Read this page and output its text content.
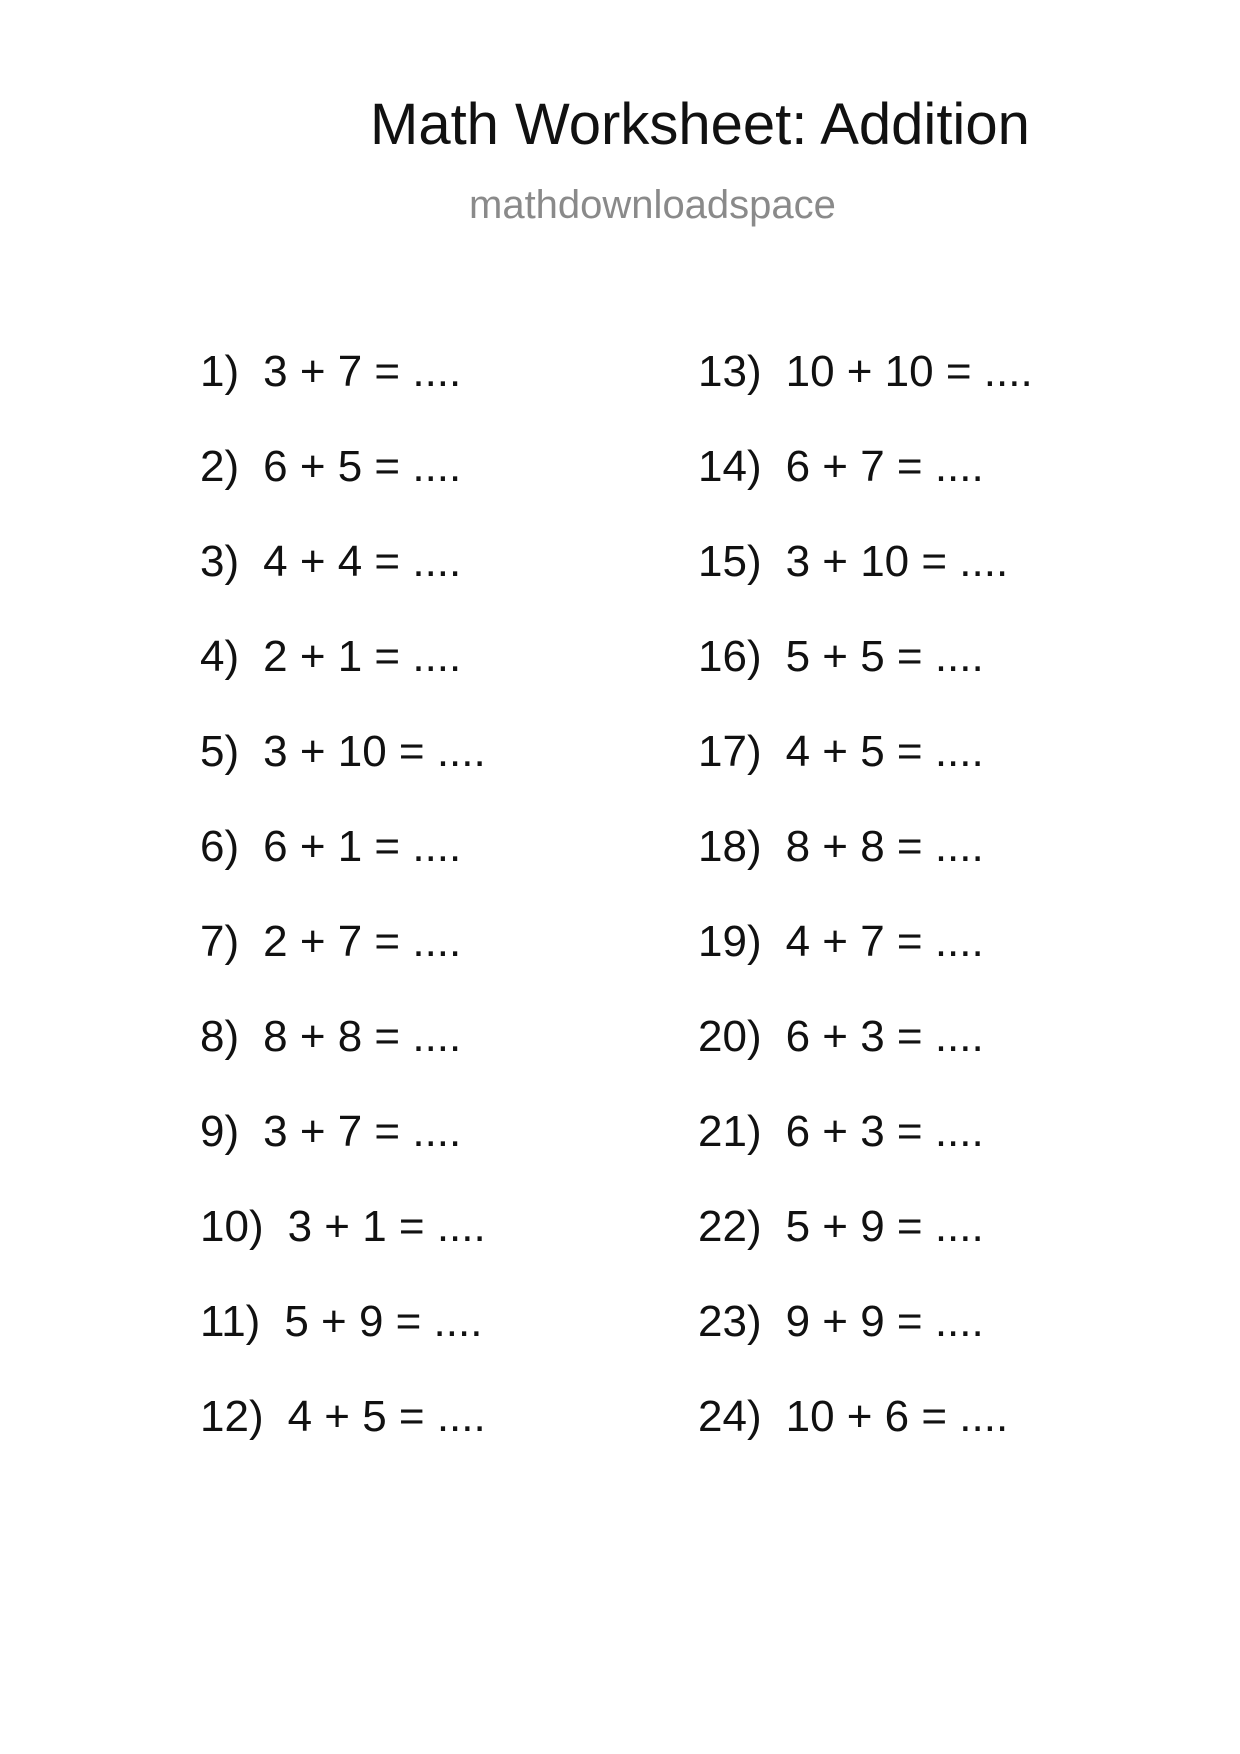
Math Worksheet: Addition
mathdownloadspace
1) 3 + 7 = ....
2) 6 + 5 = ....
3) 4 + 4 = ....
4) 2 + 1 = ....
5) 3 + 10 = ....
6) 6 + 1 = ....
7) 2 + 7 = ....
8) 8 + 8 = ....
9) 3 + 7 = ....
10) 3 + 1 = ....
11) 5 + 9 = ....
12) 4 + 5 = ....
13) 10 + 10 = ....
14) 6 + 7 = ....
15) 3 + 10 = ....
16) 5 + 5 = ....
17) 4 + 5 = ....
18) 8 + 8 = ....
19) 4 + 7 = ....
20) 6 + 3 = ....
21) 6 + 3 = ....
22) 5 + 9 = ....
23) 9 + 9 = ....
24) 10 + 6 = ....
